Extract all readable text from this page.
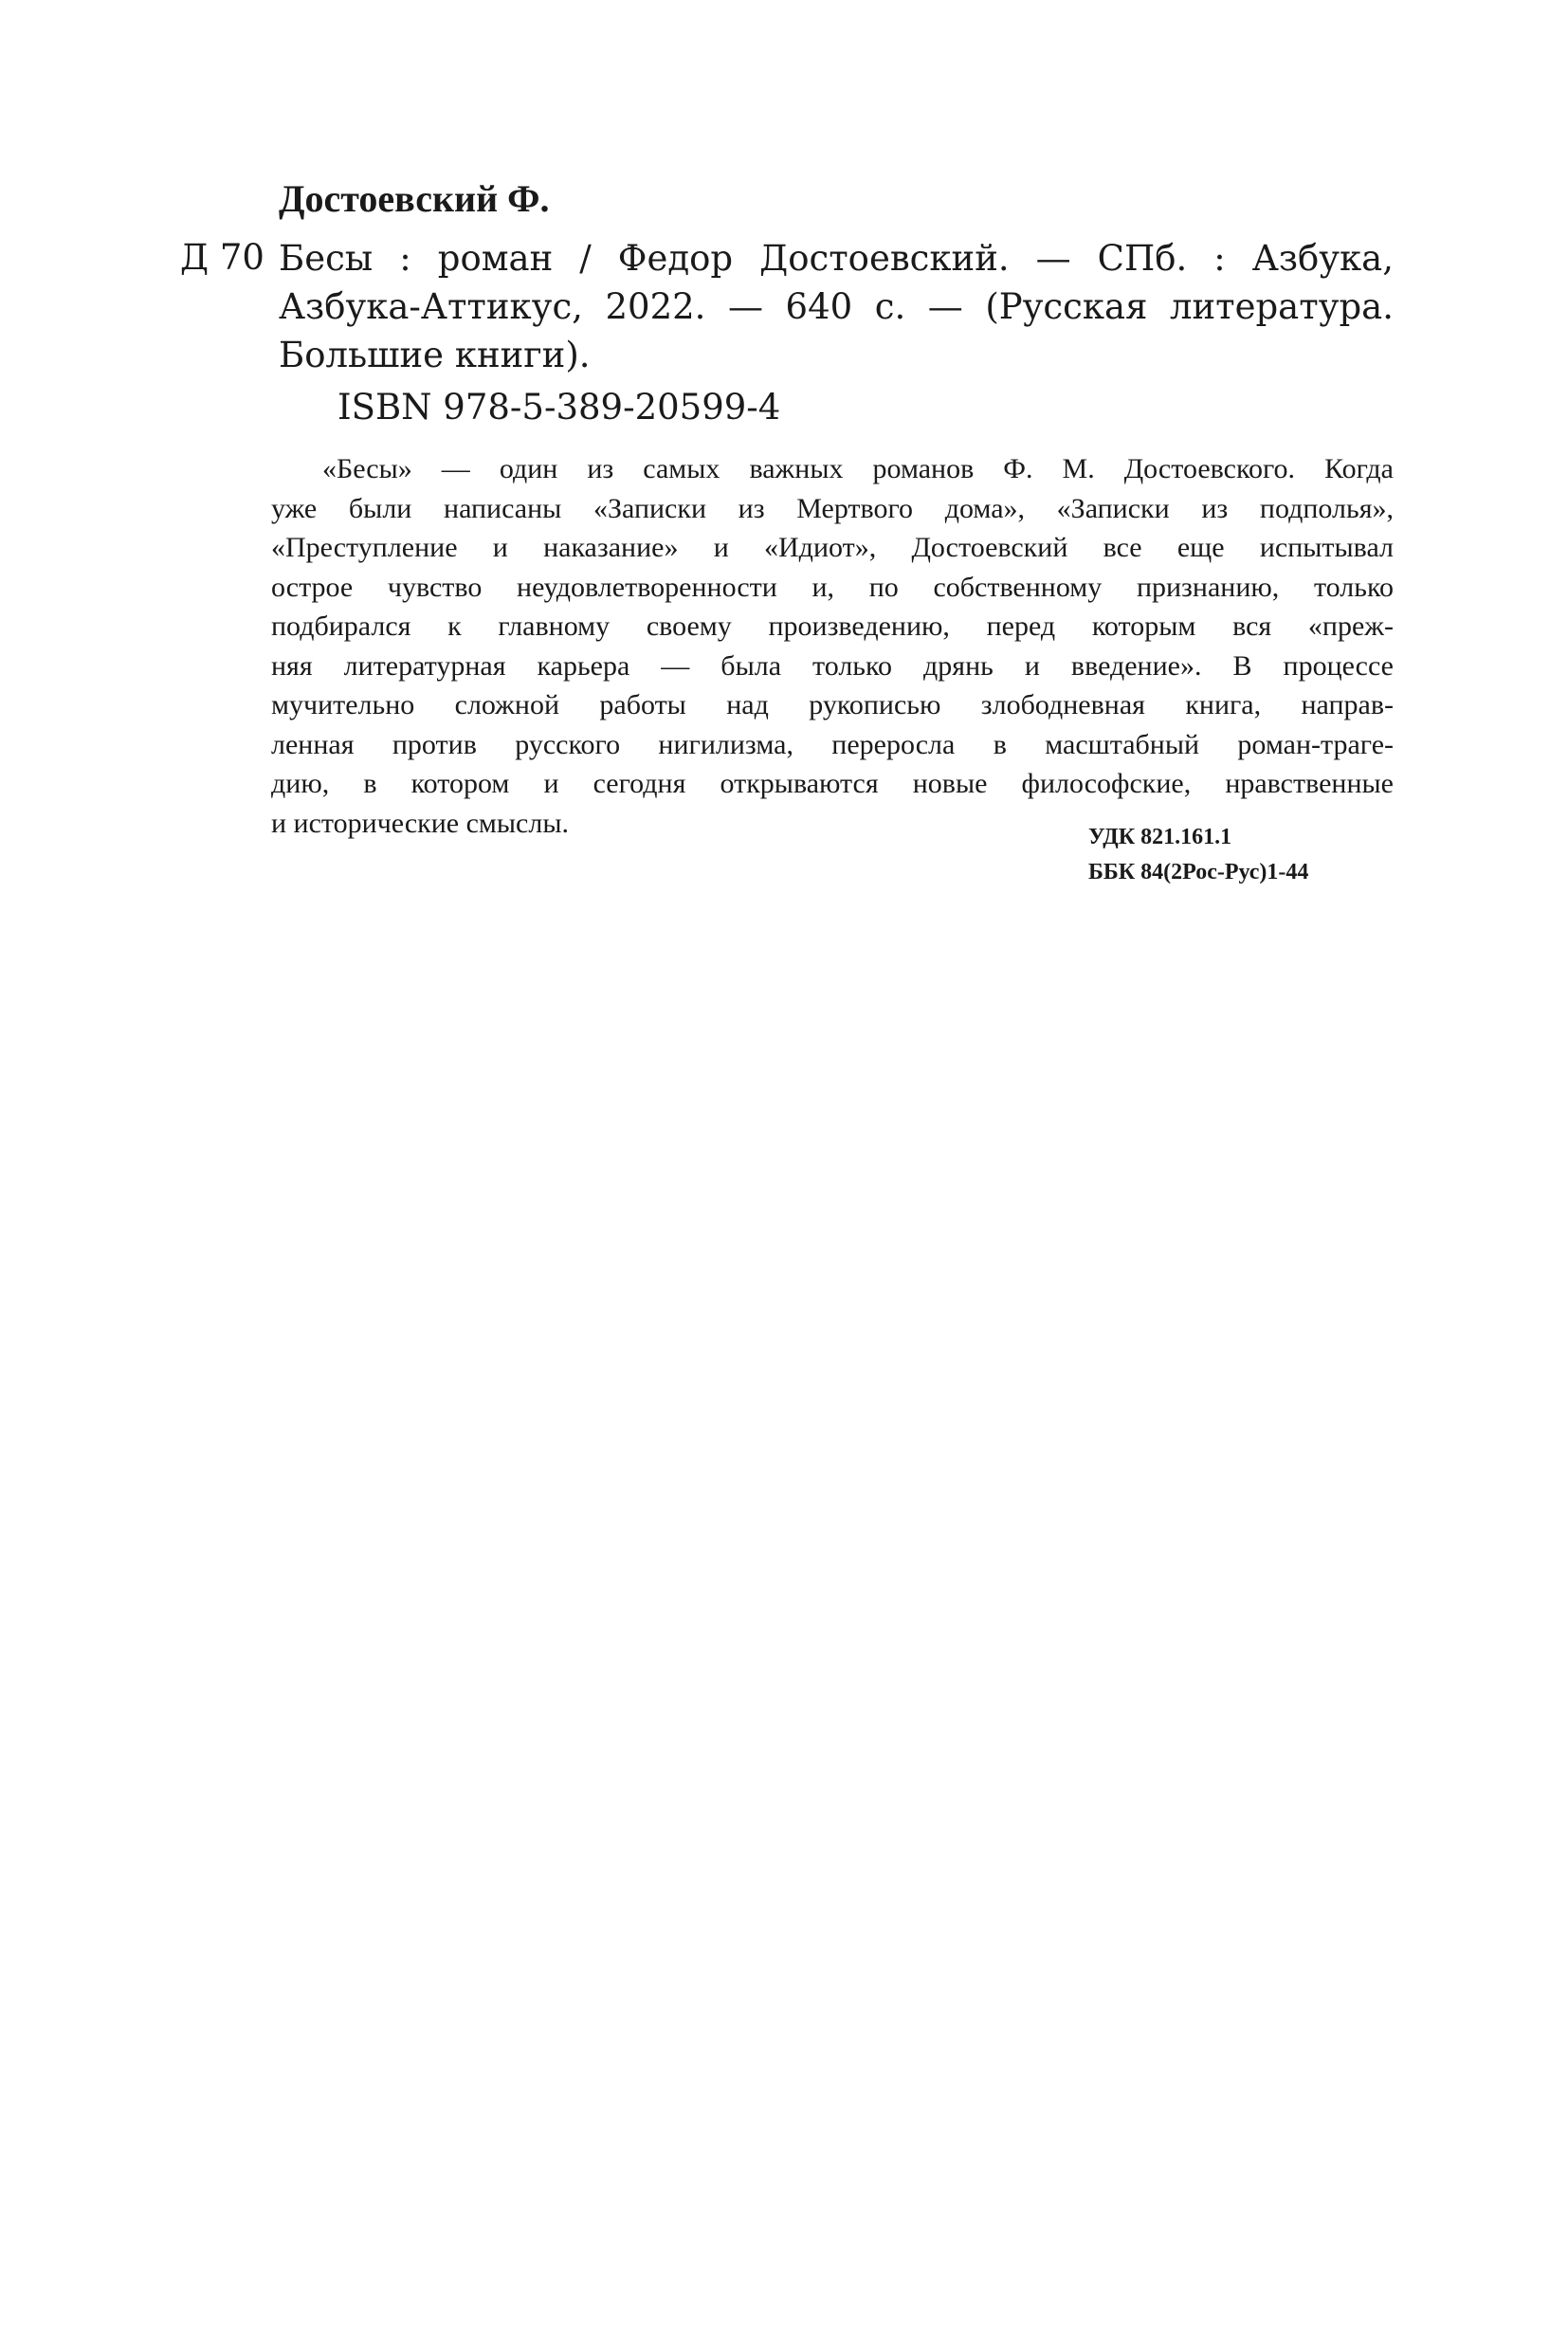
Достоевский Ф.
Д 70 Бесы : роман / Федор Достоевский. — СПб. : Азбука,
Азбука-Аттикус, 2022. — 640 с. — (Русская литература.
Большие книги).
ISBN 978-5-389-20599-4
«Бесы» — один из самых важных романов Ф. М. Достоевского. Когда
уже были написаны «Записки из Мертвого дома», «Записки из подполья»,
«Преступление и наказание» и «Идиот», Достоевский все еще испытывал
острое чувство неудовлетворенности и, по собственному признанию, только
подбирался к главному своему произведению, перед которым вся «преж-
няя литературная карьера — была только дрянь и введение». В процессе
мучительно сложной работы над рукописью злободневная книга, направ-
ленная против русского нигилизма, переросла в масштабный роман-траге-
дию, в котором и сегодня открываются новые философские, нравственные
и исторические смыслы.	УДК 821.161.1
ББК 84(2Рос-Рус)1-44
